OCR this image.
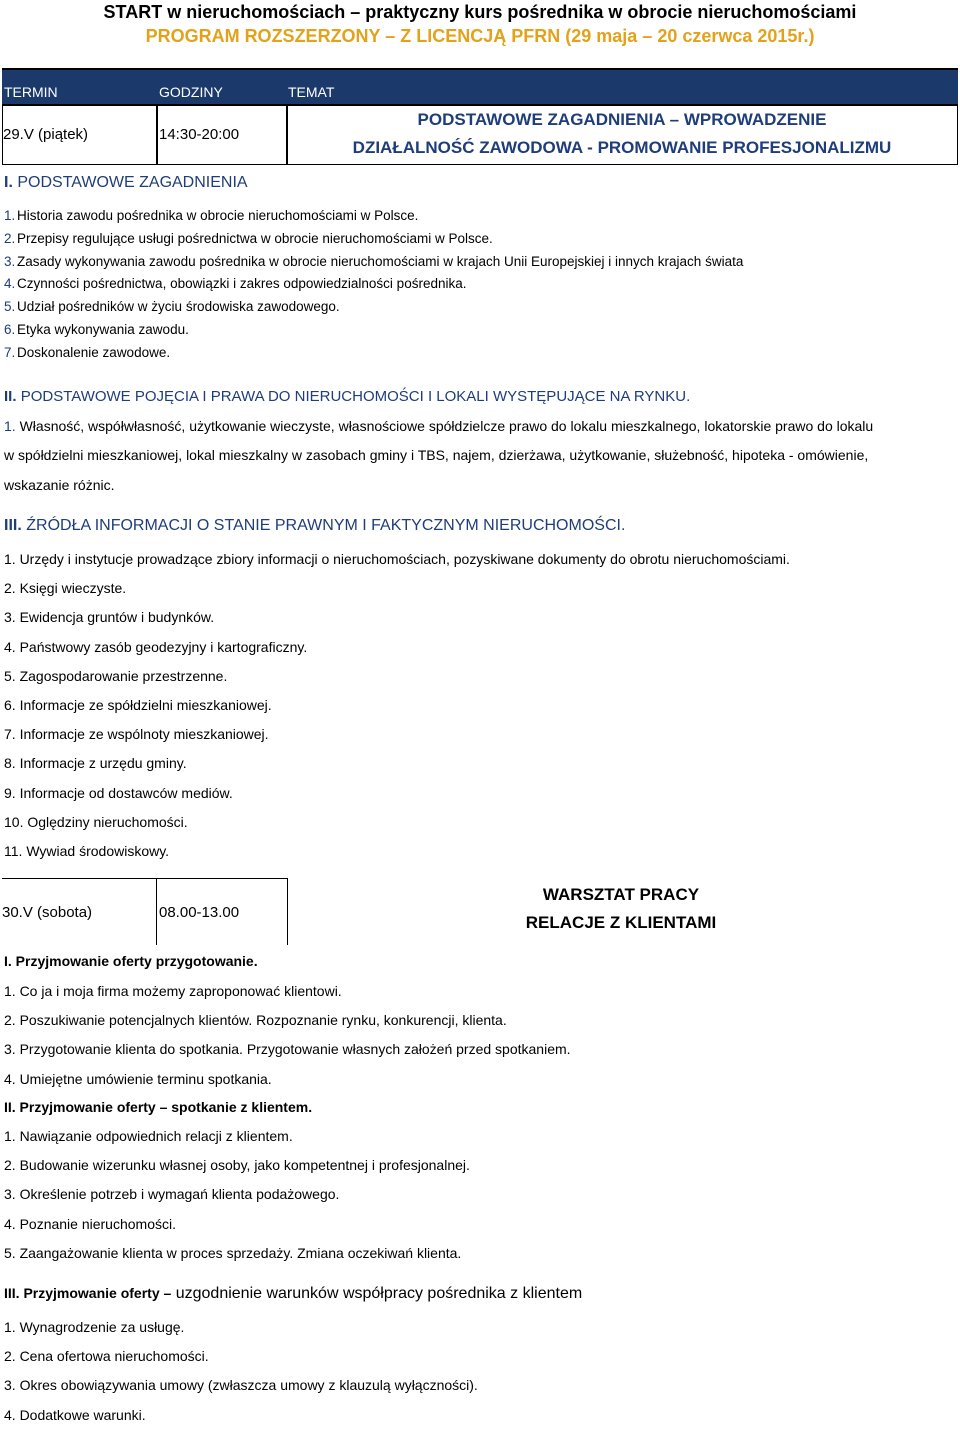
START w nieruchomościach – praktyczny kurs pośrednika w obrocie nieruchomościami
PROGRAM ROZSZERZONY – Z LICENCJĄ PFRN (29 maja – 20 czerwca 2015r.)
TERMIN	GODZINY	TEMAT
29.V (piątek)	14:30-20:00
PODSTAWOWE ZAGADNIENIA – WPROWADZENIE
DZIAŁALNOŚĆ ZAWODOWA - PROMOWANIE PROFESJONALIZMU
I. PODSTAWOWE ZAGADNIENIA
1. Historia zawodu pośrednika w obrocie nieruchomościami w Polsce.
2. Przepisy regulujące usługi pośrednictwa w obrocie nieruchomościami w Polsce.
3. Zasady wykonywania zawodu pośrednika w obrocie nieruchomościami w krajach Unii Europejskiej i innych krajach świata
4. Czynności pośrednictwa, obowiązki i zakres odpowiedzialności pośrednika.
5. Udział pośredników w życiu środowiska zawodowego.
6. Etyka wykonywania zawodu.
7. Doskonalenie zawodowe.
II. PODSTAWOWE POJĘCIA I PRAWA DO NIERUCHOMOŚCI I LOKALI WYSTĘPUJĄCE NA RYNKU.
1. Własność, współwłasność, użytkowanie wieczyste, własnościowe spółdzielcze prawo do lokalu mieszkalnego, lokatorskie prawo do lokalu
w spółdzielni mieszkaniowej, lokal mieszkalny w zasobach gminy i TBS, najem, dzierżawa, użytkowanie, służebność, hipoteka - omówienie,
wskazanie różnic.
III. ŹRÓDŁA INFORMACJI O STANIE PRAWNYM I FAKTYCZNYM NIERUCHOMOŚCI.
1. Urzędy i instytucje prowadzące zbiory informacji o nieruchomościach, pozyskiwane dokumenty do obrotu nieruchomościami.
2. Księgi wieczyste.
3. Ewidencja gruntów i budynków.
4. Państwowy zasób geodezyjny i kartograficzny.
5. Zagospodarowanie przestrzenne.
6. Informacje ze spółdzielni mieszkaniowej.
7. Informacje ze wspólnoty mieszkaniowej.
8. Informacje z urzędu gminy.
9. Informacje od dostawców mediów.
10. Oględziny nieruchomości.
11. Wywiad środowiskowy.
30.V (sobota)	08.00-13.00
WARSZTAT PRACY
RELACJE Z KLIENTAMI
I. Przyjmowanie oferty przygotowanie.
1. Co ja i moja firma możemy zaproponować klientowi.
2. Poszukiwanie potencjalnych klientów. Rozpoznanie rynku, konkurencji, klienta.
3. Przygotowanie klienta do spotkania. Przygotowanie własnych założeń przed spotkaniem.
4. Umiejętne umówienie terminu spotkania.
II. Przyjmowanie oferty – spotkanie z klientem.
1. Nawiązanie odpowiednich relacji z klientem.
2. Budowanie wizerunku własnej osoby, jako kompetentnej i profesjonalnej.
3. Określenie potrzeb i wymagań klienta podażowego.
4. Poznanie nieruchomości.
5. Zaangażowanie klienta w proces sprzedaży. Zmiana oczekiwań klienta.
III. Przyjmowanie oferty – uzgodnienie warunków współpracy pośrednika z klientem
1. Wynagrodzenie za usługę.
2. Cena ofertowa nieruchomości.
3. Okres obowiązywania umowy (zwłaszcza umowy z klauzulą wyłączności).
4. Dodatkowe warunki.
